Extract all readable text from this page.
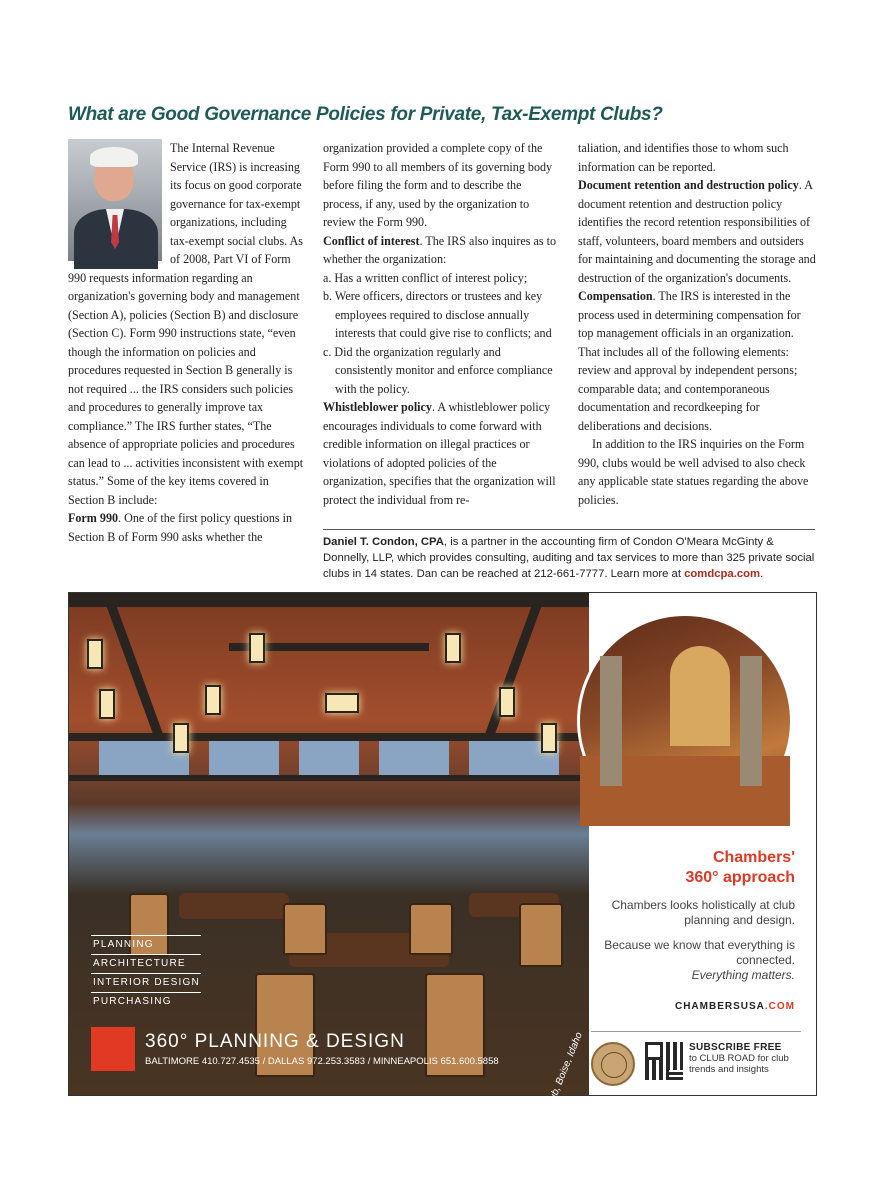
What are Good Governance Policies for Private, Tax-Exempt Clubs?

The Internal Revenue Service (IRS) is increasing its focus on good corporate governance for tax-exempt organizations, including tax-exempt social clubs. As of 2008, Part VI of Form 990 requests information regarding an organization's governing body and management (Section A), policies (Section B) and disclosure (Section C). Form 990 instructions state, “even though the information on policies and procedures requested in Section B generally is not required ... the IRS considers such policies and procedures to generally improve tax compliance.” The IRS further states, “The absence of appropriate policies and procedures can lead to ... activities inconsistent with exempt status.” Some of the key items covered in Section B include:

Form 990. One of the first policy questions in Section B of Form 990 asks whether the

organization provided a complete copy of the Form 990 to all members of its governing body before filing the form and to describe the process, if any, used by the organization to review the Form 990.

Conflict of interest. The IRS also inquires as to whether the organization:

a. Has a written conflict of interest policy;

b. Were officers, directors or trustees and key employees required to disclose annually interests that could give rise to conflicts; and

c. Did the organization regularly and consistently monitor and enforce compliance with the policy.

Whistleblower policy. A whistleblower policy encourages individuals to come forward with credible information on illegal practices or violations of adopted policies of the organization, specifies that the organization will protect the individual from re-

taliation, and identifies those to whom such information can be reported.

Document retention and destruction policy. A document retention and destruction policy identifies the record retention responsibilities of staff, volunteers, board members and outsiders for maintaining and documenting the storage and destruction of the organization's documents.

Compensation. The IRS is interested in the process used in determining compensation for top management officials in an organization. That includes all of the following elements: review and approval by independent persons; comparable data; and contemporaneous documentation and recordkeeping for deliberations and decisions.

In addition to the IRS inquiries on the Form 990, clubs would be well advised to also check any applicable state statues regarding the above policies.

Daniel T. Condon, CPA, is a partner in the accounting firm of Condon O'Meara McGinty & Donnelly, LLP, which provides consulting, auditing and tax services to more than 325 private social clubs in 14 states. Dan can be reached at 212-661-7777. Learn more at comdcpa.com.
Hillcrest Country Club, Boise, Idaho
PLANNING
ARCHITECTURE
INTERIOR DESIGN
PURCHASING
360° PLANNING & DESIGN
BALTIMORE 410.727.4535 / DALLAS 972.253.3583 / MINNEAPOLIS 651.600.5858
Chambers'
360° approach
Chambers looks holistically at club planning and design.
Because we know that everything is connected.
Everything matters.
CHAMBERSUSA.COM
SUBSCRIBE FREE
to CLUB ROAD for club trends and insights
